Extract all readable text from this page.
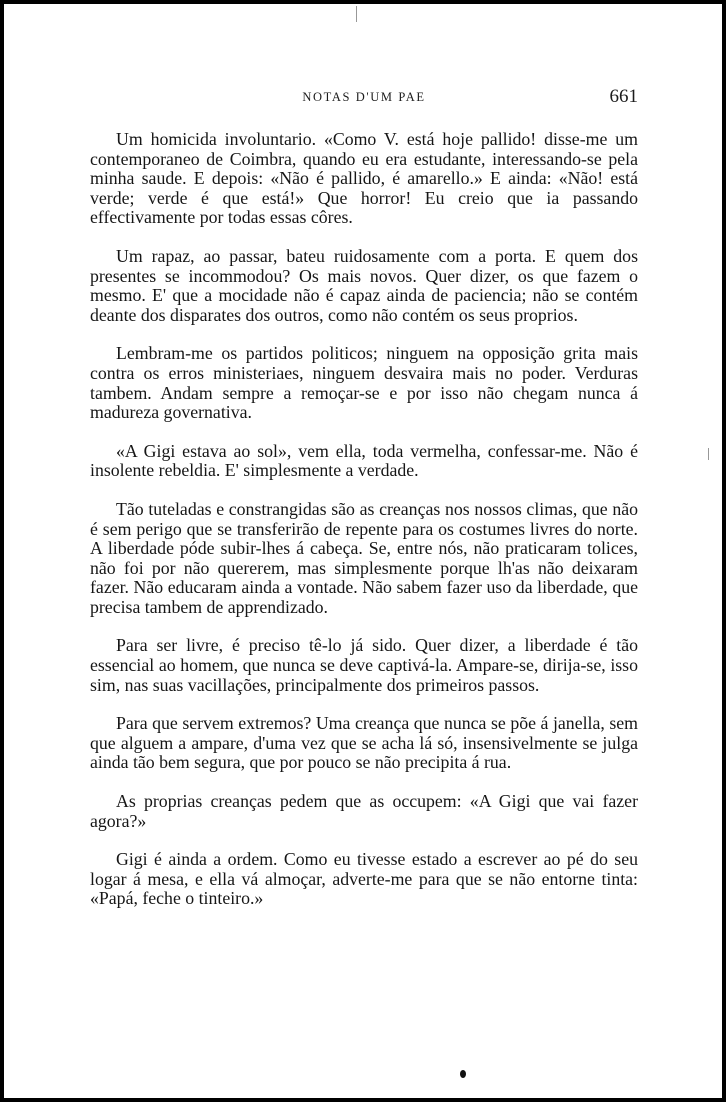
NOTAS D'UM PAE	661

Um homicida involuntario. «Como V. está hoje pallido! disse-me um contemporaneo de Coimbra, quando eu era estudante, interessando-se pela minha saude. E depois: «Não é pallido, é amarello.» E ainda: «Não! está verde; verde é que está!» Que horror! Eu creio que ia passando effectivamente por todas essas côres.

Um rapaz, ao passar, bateu ruidosamente com a porta. E quem dos presentes se incommodou? Os mais novos. Quer dizer, os que fazem o mesmo. E' que a mocidade não é capaz ainda de paciencia; não se contém deante dos disparates dos outros, como não contém os seus proprios.

Lembram-me os partidos politicos; ninguem na opposição grita mais contra os erros ministeriaes, ninguem desvaira mais no poder. Verduras tambem. Andam sempre a remoçar-se e por isso não chegam nunca á madureza governativa.

«A Gigi estava ao sol», vem ella, toda vermelha, confessar-me. Não é insolente rebeldia. E' simplesmente a verdade.

Tão tuteladas e constrangidas são as creanças nos nossos climas, que não é sem perigo que se transferirão de repente para os costumes livres do norte. A liberdade póde subir-lhes á cabeça. Se, entre nós, não praticaram tolices, não foi por não quererem, mas simplesmente porque lh'as não deixaram fazer. Não educaram ainda a vontade. Não sabem fazer uso da liberdade, que precisa tambem de apprendizado.

Para ser livre, é preciso tê-lo já sido. Quer dizer, a liberdade é tão essencial ao homem, que nunca se deve captivá-la. Ampare-se, dirija-se, isso sim, nas suas vacillações, principalmente dos primeiros passos.

Para que servem extremos? Uma creança que nunca se põe á janella, sem que alguem a ampare, d'uma vez que se acha lá só, insensivelmente se julga ainda tão bem segura, que por pouco se não precipita á rua.

As proprias creanças pedem que as occupem: «A Gigi que vai fazer agora?»

Gigi é ainda a ordem. Como eu tivesse estado a escrever ao pé do seu logar á mesa, e ella vá almoçar, adverte-me para que se não entorne tinta: «Papá, feche o tinteiro.»
